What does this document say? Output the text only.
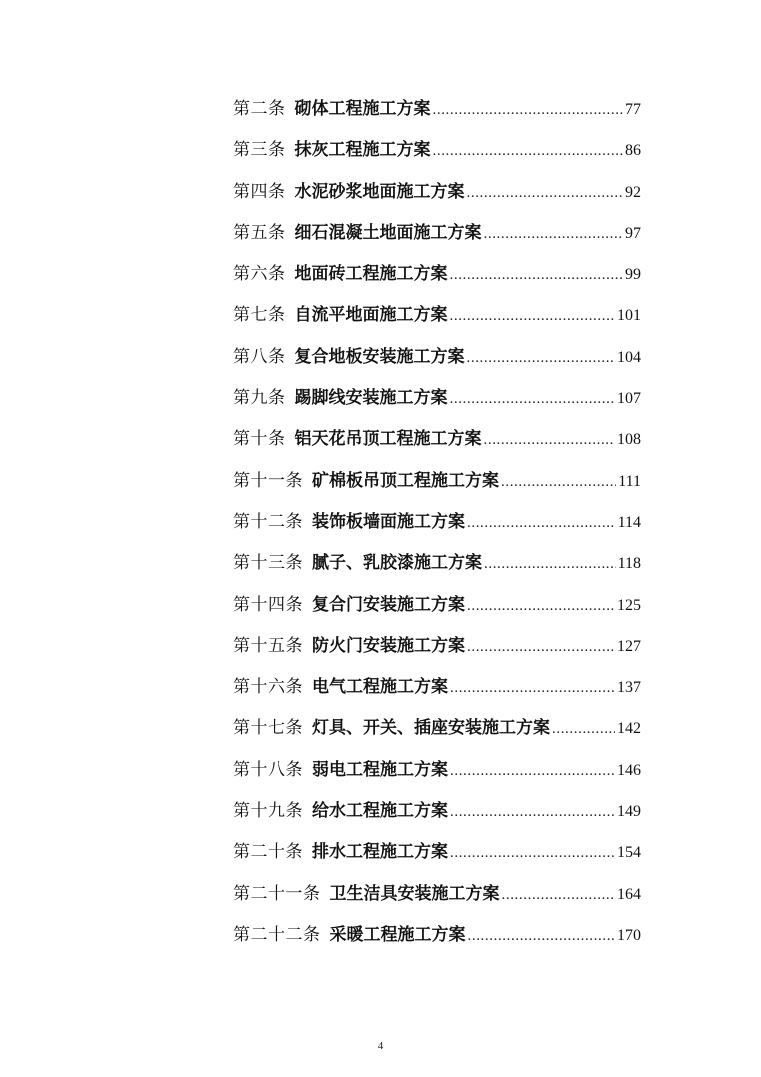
第二条 砌体工程施工方案 .....	77
第三条 抹灰工程施工方案 .....	86
第四条 水泥砂浆地面施工方案 .....	92
第五条 细石混凝土地面施工方案 .....	97
第六条 地面砖工程施工方案 .....	99
第七条 自流平地面施工方案 .....	101
第八条 复合地板安装施工方案 .....	104
第九条 踢脚线安装施工方案 .....	107
第十条 铝天花吊顶工程施工方案 .....	108
第十一条 矿棉板吊顶工程施工方案 .....	111
第十二条 装饰板墙面施工方案 .....	114
第十三条 腻子、乳胶漆施工方案 .....	118
第十四条 复合门安装施工方案 .....	125
第十五条 防火门安装施工方案 .....	127
第十六条 电气工程施工方案 .....	137
第十七条 灯具、开关、插座安装施工方案 .....	142
第十八条 弱电工程施工方案 .....	146
第十九条 给水工程施工方案 .....	149
第二十条 排水工程施工方案 .....	154
第二十一条 卫生洁具安装施工方案 .....	164
第二十二条 采暖工程施工方案 .....	170
4
